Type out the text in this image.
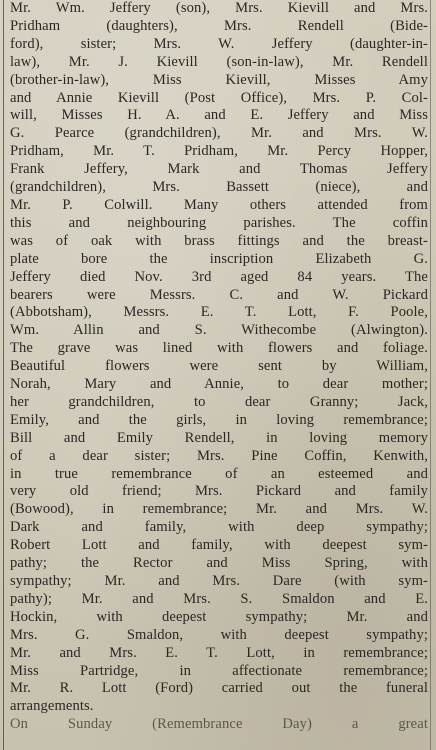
Mr. Wm. Jeffery (son), Mrs. Kievill and Mrs.
Pridham (daughters), Mrs. Rendell (Bide-
ford), sister; Mrs. W. Jeffery (daughter-in-
law), Mr. J. Kievill (son-in-law), Mr. Rendell
(brother-in-law), Miss Kievill, Misses Amy
and Annie Kievill (Post Office), Mrs. P. Col-
will, Misses H. A. and E. Jeffery and Miss
G. Pearce (grandchildren), Mr. and Mrs. W.
Pridham, Mr. T. Pridham, Mr. Percy Hopper,
Frank Jeffery, Mark and Thomas Jeffery
(grandchildren), Mrs. Bassett (niece), and
Mr. P. Colwill. Many others attended from
this and neighbouring parishes. The coffin
was of oak with brass fittings and the breast-
plate bore the inscription Elizabeth G.
Jeffery died Nov. 3rd aged 84 years. The
bearers were Messrs. C. and W. Pickard
(Abbotsham), Messrs. E. T. Lott, F. Poole,
Wm. Allin and S. Withecombe (Alwington).
The grave was lined with flowers and foliage.
Beautiful flowers were sent by William,
Norah, Mary and Annie, to dear mother;
her grandchildren, to dear Granny; Jack,
Emily, and the girls, in loving remembrance;
Bill and Emily Rendell, in loving memory
of a dear sister; Mrs. Pine Coffin, Kenwith,
in true remembrance of an esteemed and
very old friend; Mrs. Pickard and family
(Bowood), in remembrance; Mr. and Mrs. W.
Dark and family, with deep sympathy;
Robert Lott and family, with deepest sym-
pathy; the Rector and Miss Spring, with
sympathy; Mr. and Mrs. Dare (with sym-
pathy); Mr. and Mrs. S. Smaldon and E.
Hockin, with deepest sympathy; Mr. and
Mrs. G. Smaldon, with deepest sympathy;
Mr. and Mrs. E. T. Lott, in remembrance;
Miss Partridge, in affectionate remembrance;
Mr. R. Lott (Ford) carried out the funeral
arrangements.
On Sunday (Remembrance Day) a great
